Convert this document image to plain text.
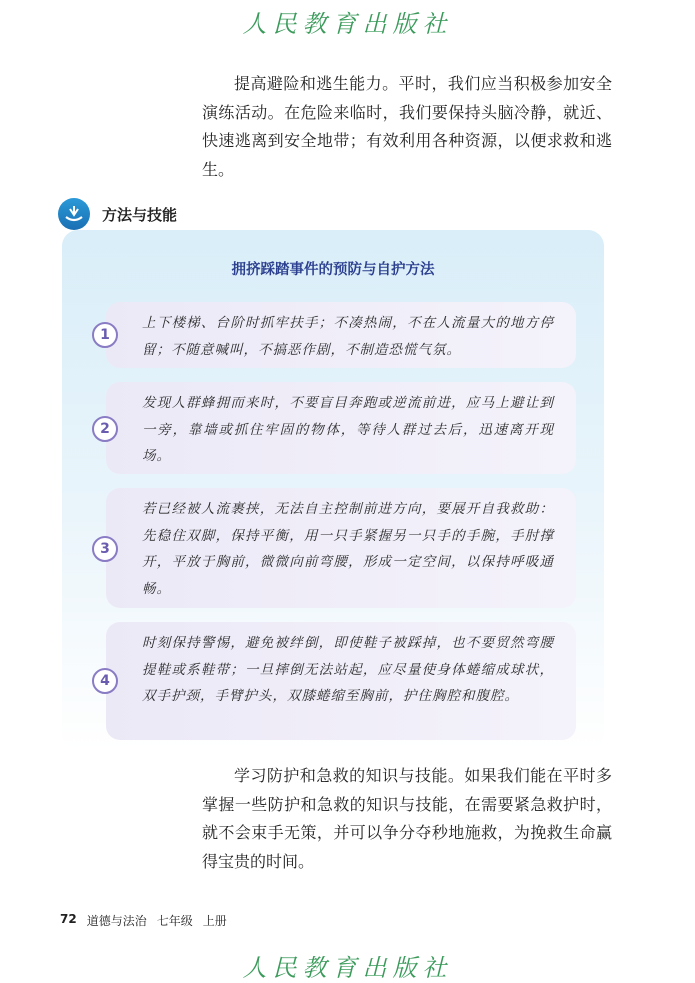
人民教育出版社

提高避险和逃生能力。平时，我们应当积极参加安全演练活动。在危险来临时，我们要保持头脑冷静，就近、快速逃离到安全地带；有效利用各种资源，以便求救和逃生。

方法与技能
拥挤踩踏事件的预防与自护方法
1

上下楼梯、台阶时抓牢扶手；不凑热闹，不在人流量大的地方停留；不随意喊叫，不搞恶作剧，不制造恐慌气氛。

2

发现人群蜂拥而来时，不要盲目奔跑或逆流前进，应马上避让到一旁，靠墙或抓住牢固的物体，等待人群过去后，迅速离开现场。

3

若已经被人流裹挟，无法自主控制前进方向，要展开自我救助：先稳住双脚，保持平衡，用一只手紧握另一只手的手腕，手肘撑开，平放于胸前，微微向前弯腰，形成一定空间，以保持呼吸通畅。

4

时刻保持警惕，避免被绊倒，即使鞋子被踩掉，也不要贸然弯腰提鞋或系鞋带；一旦摔倒无法站起，应尽量使身体蜷缩成球状，双手护颈，手臂护头，双膝蜷缩至胸前，护住胸腔和腹腔。

学习防护和急救的知识与技能。如果我们能在平时多掌握一些防护和急救的知识与技能，在需要紧急救护时，就不会束手无策，并可以争分夺秒地施救，为挽救生命赢得宝贵的时间。

72 道德与法治 七年级 上册
人民教育出版社
